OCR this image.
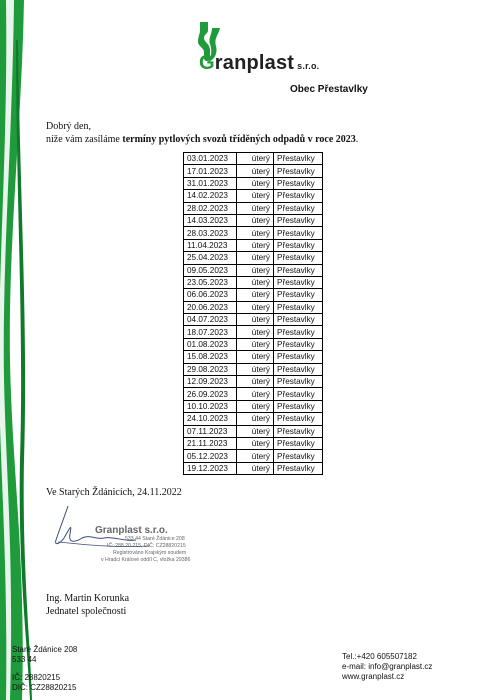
Granplast s.r.o.
Obec Přestavlky
Dobrý den,
níže vám zasíláme termíny pytlových svozů tříděných odpadů v roce 2023.
03.01.2023	úterý	Přestavlky
17.01.2023	úterý	Přestavlky
31.01.2023	úterý	Přestavlky
14.02.2023	úterý	Přestavlky
28.02.2023	úterý	Přestavlky
14.03.2023	úterý	Přestavlky
28.03.2023	úterý	Přestavlky
11.04.2023	úterý	Přestavlky
25.04.2023	úterý	Přestavlky
09.05.2023	úterý	Přestavlky
23.05.2023	úterý	Přestavlky
06.06.2023	úterý	Přestavlky
20.06.2023	úterý	Přestavlky
04.07.2023	úterý	Přestavlky
18.07.2023	úterý	Přestavlky
01.08.2023	úterý	Přestavlky
15.08.2023	úterý	Přestavlky
29.08.2023	úterý	Přestavlky
12.09.2023	úterý	Přestavlky
26.09.2023	úterý	Přestavlky
10.10.2023	úterý	Přestavlky
24.10.2023	úterý	Přestavlky
07.11.2023	úterý	Přestavlky
21.11.2023	úterý	Přestavlky
05.12.2023	úterý	Přestavlky
19.12.2023	úterý	Přestavlky
Ve Starých Ždánicích, 24.11.2022
Granplast s.r.o.
533 44 Staré Ždánice 208
IČ: 288 20 215, DIČ: CZ28820215
Registrováno Krajským soudem
v Hradci Králové oddíl C, vložka 29386
Ing. Martin Korunka
Jednatel společnosti
Staré Ždánice 208
533 44
IČ: 28820215
DIČ: CZ28820215
Tel.:+420 605507182
e-mail: info@granplast.cz
www.granplast.cz
